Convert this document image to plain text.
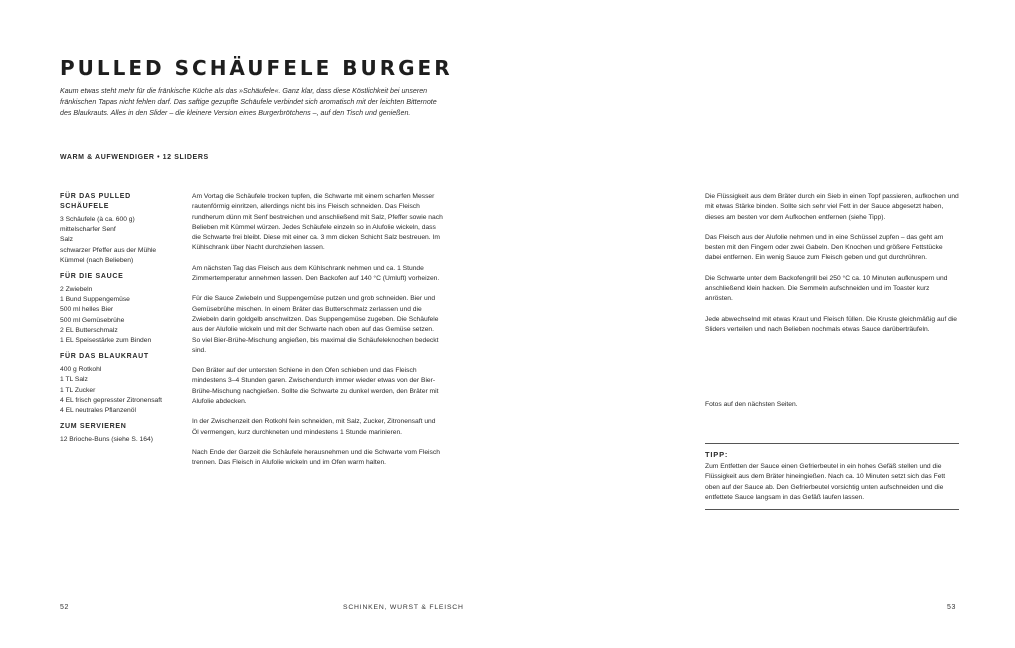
PULLED SCHÄUFELE BURGER
Kaum etwas steht mehr für die fränkische Küche als das »Schäufele«. Ganz klar, dass diese Köstlichkeit bei unseren fränkischen Tapas nicht fehlen darf. Das saftige gezupfte Schäufele verbindet sich aromatisch mit der leichten Bitternote des Blaukrauts. Alles in den Slider – die kleinere Version eines Burgerbrötchens –, auf den Tisch und genießen.
WARM & AUFWENDIGER • 12 SLIDERS
FÜR DAS PULLED SCHÄUFELE
3 Schäufele (à ca. 600 g)
mittelscharfer Senf
Salz
schwarzer Pfeffer aus der Mühle
Kümmel (nach Belieben)
FÜR DIE SAUCE
2 Zwiebeln
1 Bund Suppengemüse
500 ml helles Bier
500 ml Gemüsebrühe
2 EL Butterschmalz
1 EL Speisestärke zum Binden
FÜR DAS BLAUKRAUT
400 g Rotkohl
1 TL Salz
1 TL Zucker
4 EL frisch gepresster Zitronensaft
4 EL neutrales Pflanzenöl
ZUM SERVIEREN
12 Brioche-Buns (siehe S. 164)

Am Vortag die Schäufele trocken tupfen, die Schwarte mit einem scharfen Messer rautenförmig einritzen, allerdings nicht bis ins Fleisch schneiden. Das Fleisch rundherum dünn mit Senf bestreichen und anschließend mit Salz, Pfeffer sowie nach Belieben mit Kümmel würzen. Jedes Schäufele einzeln so in Alufolie wickeln, dass die Schwarte frei bleibt. Diese mit einer ca. 3 mm dicken Schicht Salz bestreuen. Im Kühlschrank über Nacht durchziehen lassen.

Am nächsten Tag das Fleisch aus dem Kühlschrank nehmen und ca. 1 Stunde Zimmertemperatur annehmen lassen. Den Backofen auf 140 °C (Umluft) vorheizen.

Für die Sauce Zwiebeln und Suppengemüse putzen und grob schneiden. Bier und Gemüsebrühe mischen. In einem Bräter das Butterschmalz zerlassen und die Zwiebeln darin goldgelb anschwitzen. Das Suppengemüse zugeben. Die Schäufele aus der Alufolie wickeln und mit der Schwarte nach oben auf das Gemüse setzen. So viel Bier-Brühe-Mischung angießen, bis maximal die Schäufeleknochen bedeckt sind.

Den Bräter auf der untersten Schiene in den Ofen schieben und das Fleisch mindestens 3–4 Stunden garen. Zwischendurch immer wieder etwas von der Bier-Brühe-Mischung nachgießen. Sollte die Schwarte zu dunkel werden, den Bräter mit Alufolie abdecken.

In der Zwischenzeit den Rotkohl fein schneiden, mit Salz, Zucker, Zitronensaft und Öl vermengen, kurz durchkneten und mindestens 1 Stunde marinieren.

Nach Ende der Garzeit die Schäufele herausnehmen und die Schwarte vom Fleisch trennen. Das Fleisch in Alufolie wickeln und im Ofen warm halten.

52	SCHINKEN, WURST & FLEISCH

Die Flüssigkeit aus dem Bräter durch ein Sieb in einen Topf passieren, aufkochen und mit etwas Stärke binden. Sollte sich sehr viel Fett in der Sauce abgesetzt haben, dieses am besten vor dem Aufkochen entfernen (siehe Tipp).

Das Fleisch aus der Alufolie nehmen und in eine Schüssel zupfen – das geht am besten mit den Fingern oder zwei Gabeln. Den Knochen und größere Fettstücke dabei entfernen. Ein wenig Sauce zum Fleisch geben und gut durchrühren.

Die Schwarte unter dem Backofengrill bei 250 °C ca. 10 Minuten aufknuspern und anschließend klein hacken. Die Semmeln aufschneiden und im Toaster kurz anrösten.

Jede abwechselnd mit etwas Kraut und Fleisch füllen. Die Kruste gleichmäßig auf die Sliders verteilen und nach Belieben nochmals etwas Sauce darüberträufeln.

Fotos auf den nächsten Seiten.
TIPP:
Zum Entfetten der Sauce einen Gefrierbeutel in ein hohes Gefäß stellen und die Flüssigkeit aus dem Bräter hineingießen. Nach ca. 10 Minuten setzt sich das Fett oben auf der Sauce ab. Den Gefrierbeutel vorsichtig unten aufschneiden und die entfettete Sauce langsam in das Gefäß laufen lassen.
53
